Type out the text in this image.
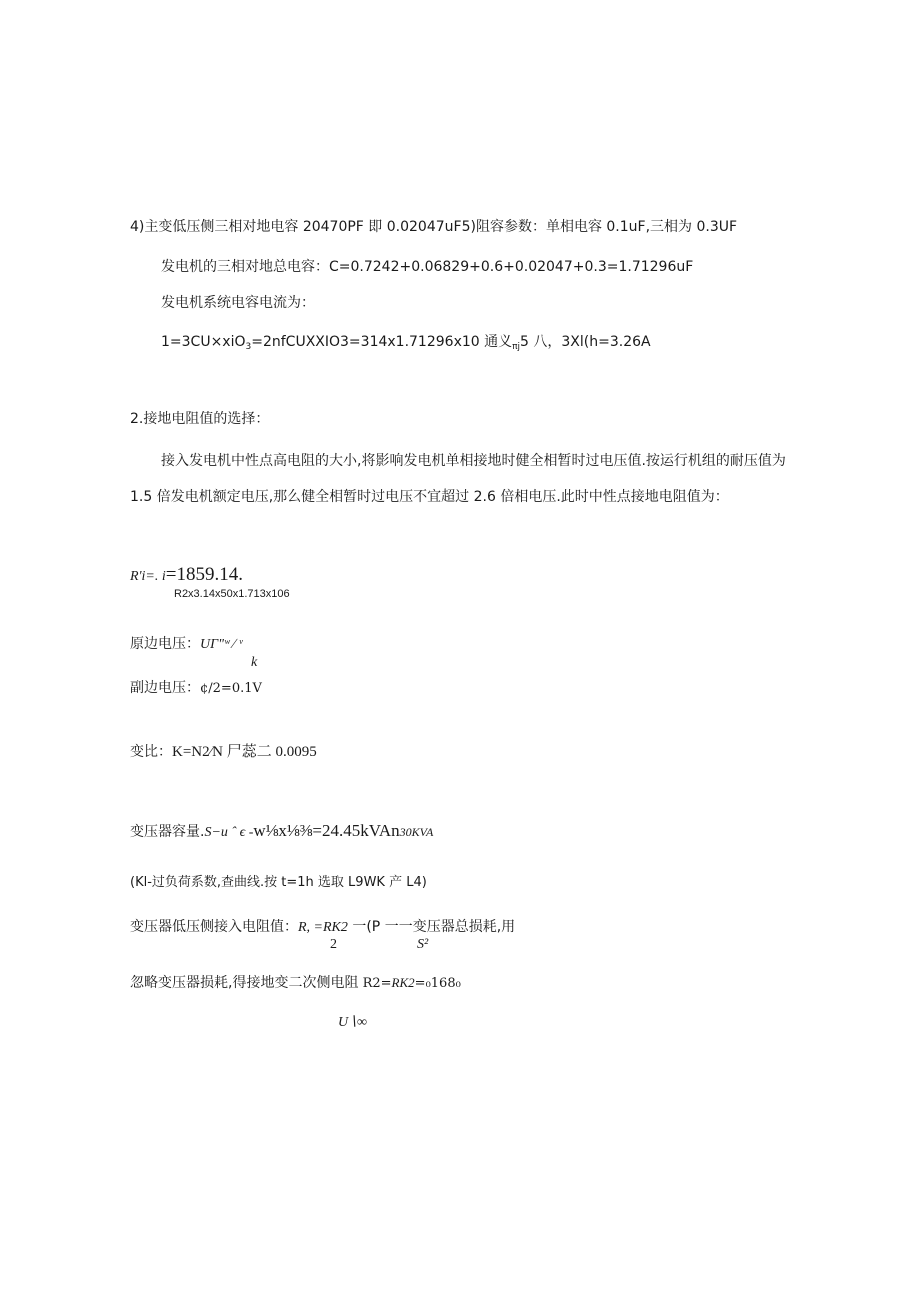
4)主变低压侧三相对地电容 20470PF 即 0.02047uF5)阻容参数：单相电容 0.1uF,三相为 0.3UF
发电机的三相对地总电容：C=0.7242+0.06829+0.6+0.02047+0.3=1.71296uF
发电机系统电容电流为：
1=3CU×xiO$_3$=2nfCUXXIO3=314x1.71296x10 通义$_{\pi j}$5 八，3Xl(h=3.26A
2.接地电阻值的选择：
接入发电机中性点高电阻的大小,将影响发电机单相接地时健全相暂时过电压值.按运行机组的耐压值为
1.5 倍发电机额定电压,那么健全相暂时过电压不宜超过 2.6 倍相电压.此时中性点接地电阻值为：
R'i=. i=1859.14.
R2x3.14x50x1.713x106
原边电压：UΓ"ʷ ∕ ᵛ
k
副边电压：¢/2=0.1V
变比：K=N2∕N 尸蕊二 0.0095
变压器容量.S−u ˆ ϵ -w⅛x⅛⅜=24.45kVAn30KVA
(Kl-过负荷系数,查曲线.按 t=1h 选取 L9WK 产 L4)
变压器低压侧接入电阻值：R, =RK2 一(P 一一变压器总损耗,用
2	S²
忽略变压器损耗,得接地变二次侧电阻 R2=RK2=₀168₀
U∖∞
